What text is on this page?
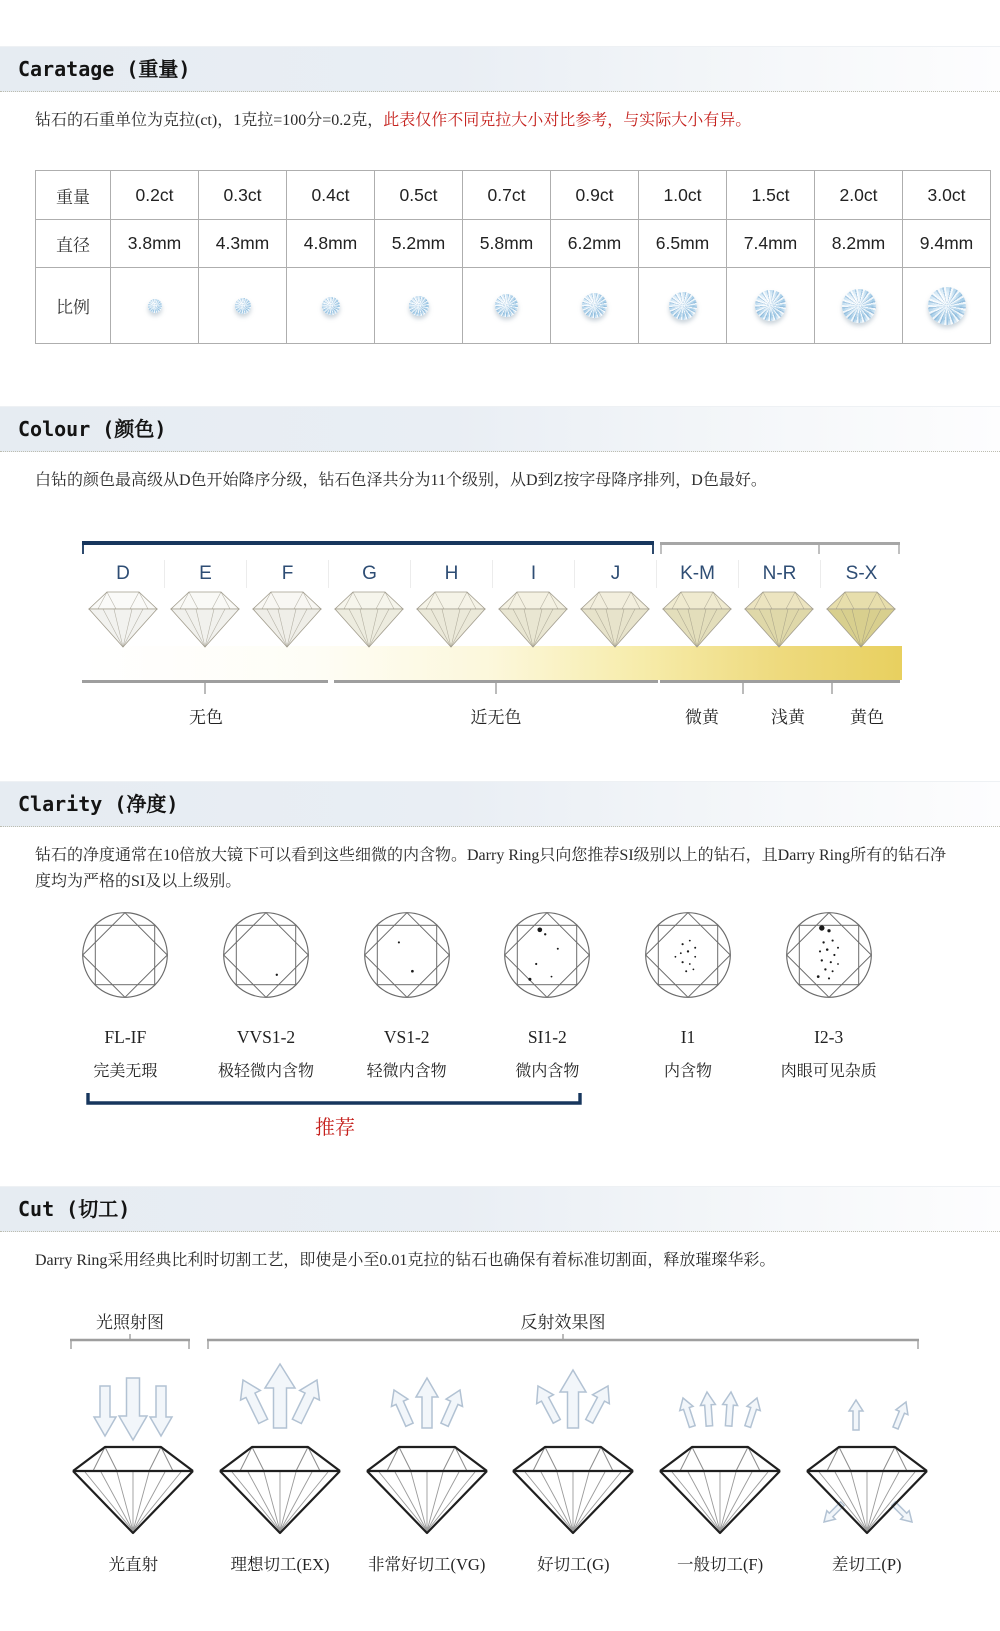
Caratage (重量)

钻石的石重单位为克拉(ct)，1克拉=100分=0.2克，此表仅作不同克拉大小对比参考，与实际大小有异。

重量	0.2ct	0.3ct	0.4ct	0.5ct	0.7ct	0.9ct	1.0ct	1.5ct	2.0ct	3.0ct
直径	3.8mm	4.3mm	4.8mm	5.2mm	5.8mm	6.2mm	6.5mm	7.4mm	8.2mm	9.4mm
比例										
Colour (颜色)

白钻的颜色最高级从D色开始降序分级，钻石色泽共分为11个级别，从D到Z按字母降序排列，D色最好。

D	E	F	G	H	I	J	K-M	N-R	S-X
无色	近无色	微黄	浅黄	黄色
Clarity (净度)

钻石的净度通常在10倍放大镜下可以看到这些细微的内含物。Darry Ring只向您推荐SI级别以上的钻石，且Darry Ring所有的钻石净度均为严格的SI及以上级别。

FL-IF
完美无瑕
VVS1-2
极轻微内含物
VS1-2
轻微内含物
SI1-2
微内含物
I1
内含物
I2-3
肉眼可见杂质
推荐
Cut (切工)

Darry Ring采用经典比利时切割工艺，即使是小至0.01克拉的钻石也确保有着标准切割面，释放璀璨华彩。

光照射图	反射效果图
光直射	理想切工(EX)	非常好切工(VG)	好切工(G)	一般切工(F)	差切工(P)
